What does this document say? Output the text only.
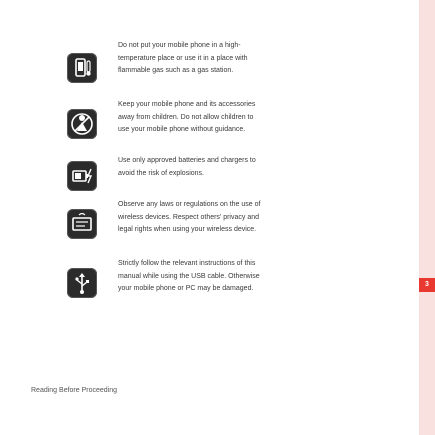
3

Do not put your mobile phone in a high-
temperature place or use it in a place with
flammable gas such as a gas station.

Keep your mobile phone and its accessories
away from children. Do not allow children to
use your mobile phone without guidance.

Use only approved batteries and chargers to
avoid the risk of explosions.

Observe any laws or regulations on the use of
wireless devices. Respect others' privacy and
legal rights when using your wireless device.

Strictly follow the relevant instructions of this
manual while using the USB cable. Otherwise
your mobile phone or PC may be damaged.

Reading Before Proceeding
